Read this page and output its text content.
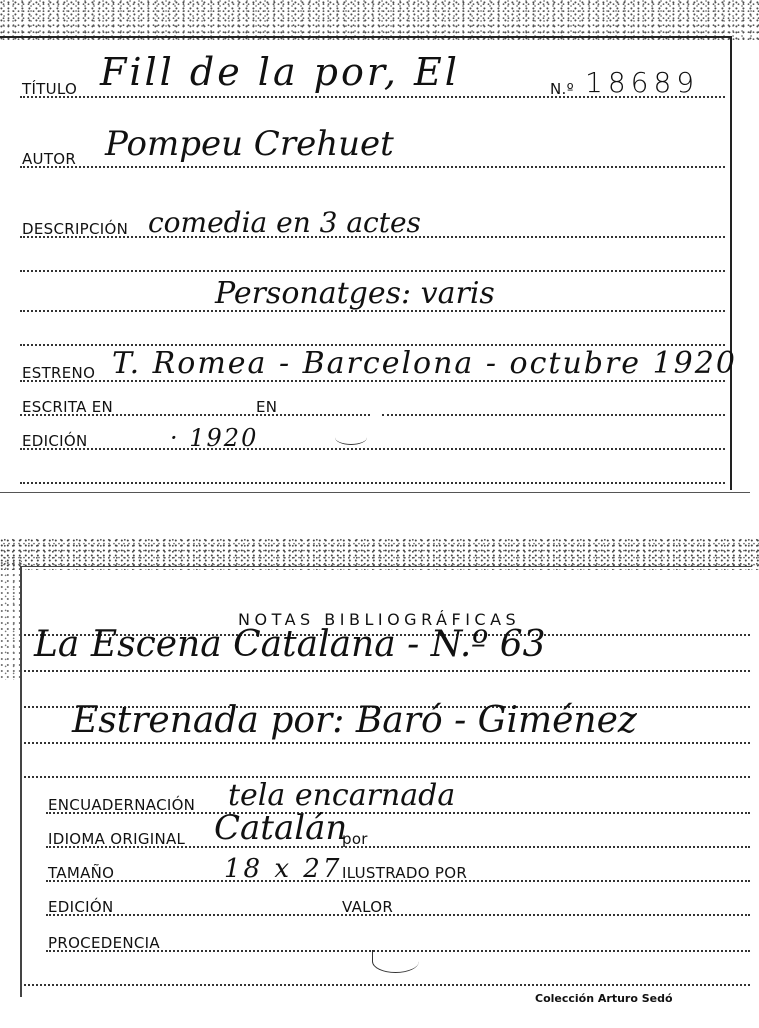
TÍTULO Fill de la por, El	N.º 18689
AUTOR Pompeu Crehuet
DESCRIPCIÓN comedia en 3 actes
Personatges: varis
ESTRENO T. Romea - Barcelona - octubre 1920
ESCRITA EN	EN
EDICIÓN	· 1920
NOTAS BIBLIOGRÁFICAS
La Escena Catalana - N.º 63
Estrenada por: Baró - Giménez
ENCUADERNACIÓN tela encarnada
IDIOMA ORIGINAL Catalán
por
TAMAÑO	18 x 27 ILUSTRADO POR
EDICIÓN	VALOR
PROCEDENCIA
Colección Arturo Sedó
